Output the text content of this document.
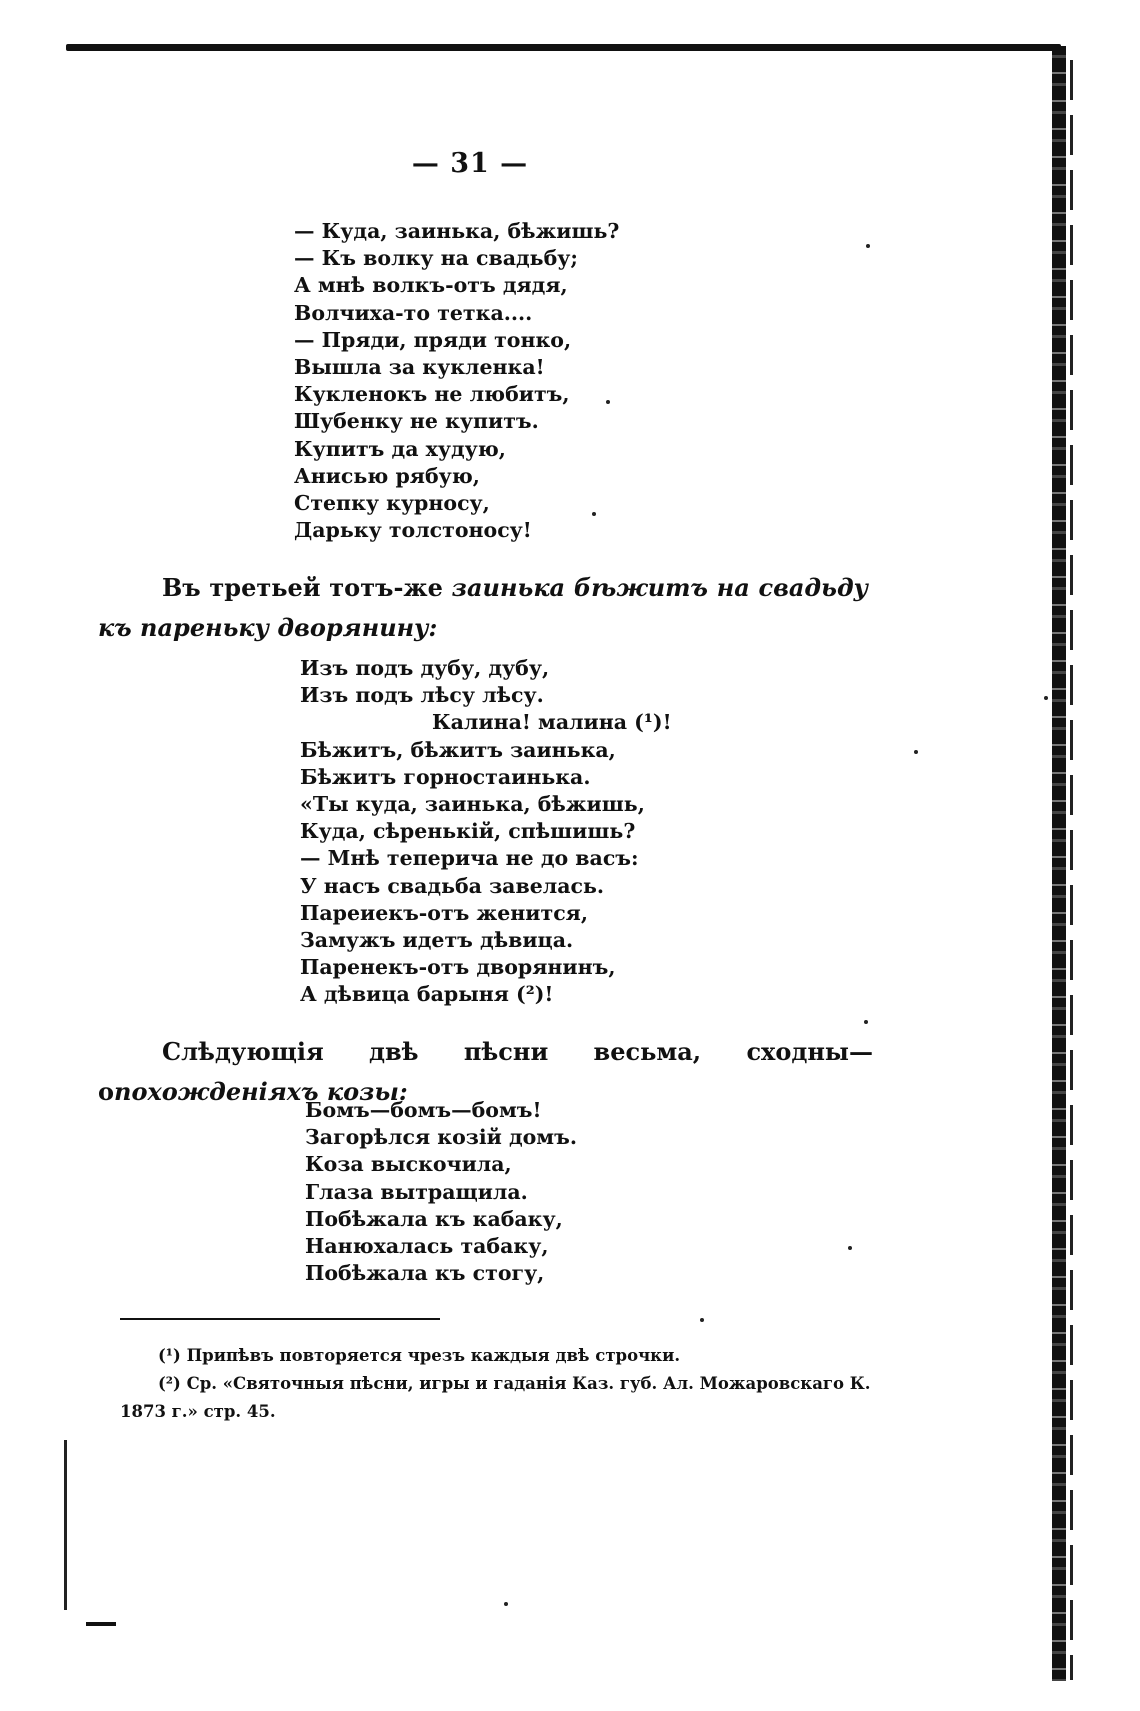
— 31 —
— Куда, заинька, бѣжишь?
— Къ волку на свадьбу;
А мнѣ волкъ-отъ дядя,
Волчиха-то тетка....
— Пряди, пряди тонко,
Вышла за кукленка!
Кукленокъ не любитъ,
Шубенку не купитъ.
Купитъ да худую,
Анисью рябую,
Степку курносу,
Дарьку толстоносу!
Въ третьей тотъ-же заинька бѣжитъ на свадьду къ пареньку дворянину:
Изъ подъ дубу, дубу,
Изъ подъ лѣсу лѣсу.
Калина! малина (¹)!
Бѣжитъ, бѣжитъ заинька,
Бѣжитъ горностаинька.
«Ты куда, заинька, бѣжишь,
Куда, сѣренькій, спѣшишь?
— Мнѣ теперича не до васъ:
У насъ свадьба завелась.
Пареиекъ-отъ женится,
Замужъ идетъ дѣвица.
Паренекъ-отъ дворянинъ,
А дѣвица барыня (²)!
Слѣдующія двѣ пѣсни весьма, сходны—опохожденіяхъ козы:
Бомъ—бомъ—бомъ!
Загорѣлся козій домъ.
Коза выскочила,
Глаза вытращила.
Побѣжала къ кабаку,
Нанюхалась табаку,
Побѣжала къ стогу,

(¹) Припѣвъ повторяется чрезъ каждыя двѣ строчки.

(²) Ср. «Святочныя пѣсни, игры и гаданія Каз. губ. Ал. Можаровскаго К. 1873 г.» стр. 45.
